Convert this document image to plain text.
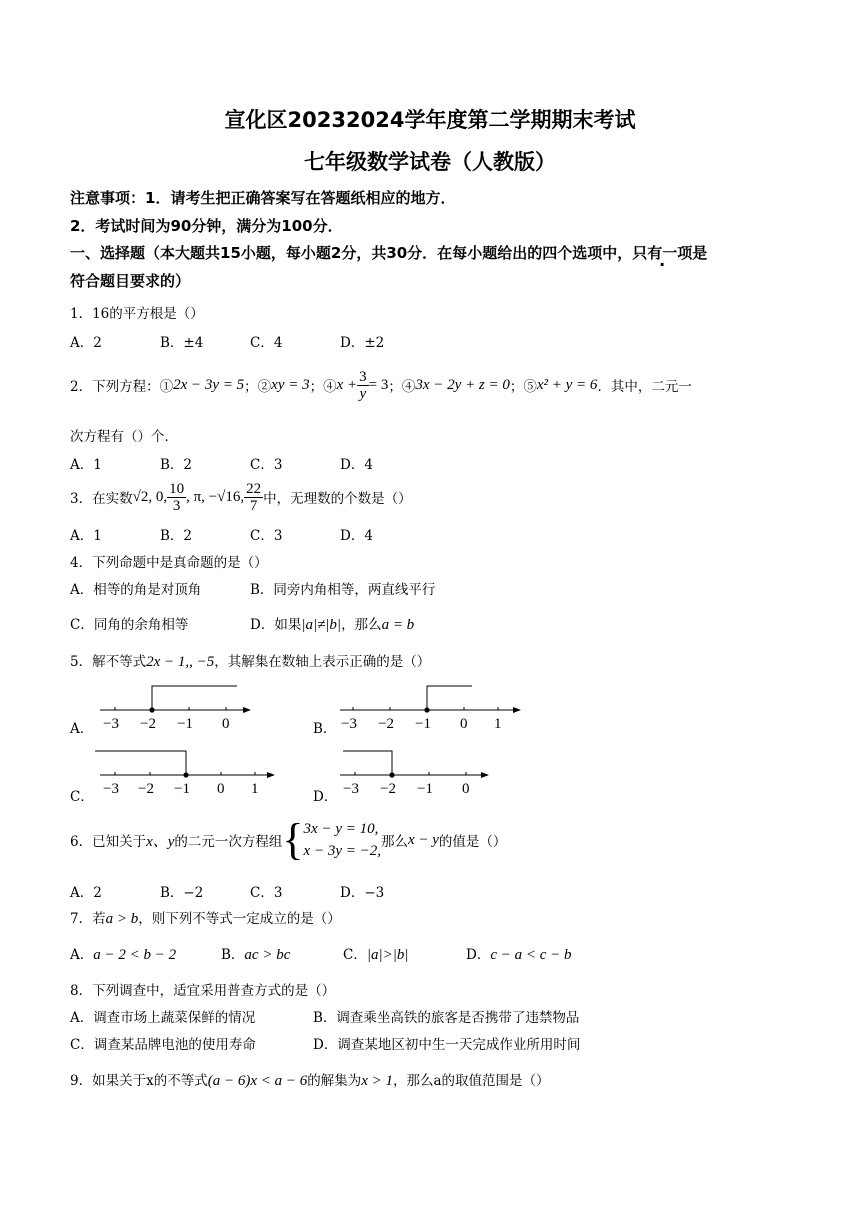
宣化区20232024学年度第二学期期末考试
七年级数学试卷（人教版）
注意事项：1．请考生把正确答案写在答题纸相应的地方．
2．考试时间为90分钟，满分为100分．
一、选择题（本大题共15小题，每小题2分，共30分．在每小题给出的四个选项中，只有一项是
符合题目要求的）
1．16的平方根是（）
A．2	B．±4	C．4	D．±2
2．下列方程：① 2x − 3y = 5 ；② xy = 3 ；④ $x + \frac{3}{y} = 3$ ；④ 3x − 2y + z = 0 ；⑤ x² + y = 6 ．其中，二元一
次方程有（）个．
A．1	B．2	C．3	D．4
3．在实数 √2, 0, $\frac{10}{3}$ , π, −√16, $\frac{22}{7}$ 中，无理数的个数是（）
A．1	B．2	C．3	D．4
4．下列命题中是真命题的是（）
A．相等的角是对顶角	B．同旁内角相等，两直线平行
C．同角的余角相等	D．如果|a|≠|b|，那么a = b
5．解不等式2x − 1,, −5，其解集在数轴上表示正确的是（）
A．	B．
C．	D．
−3 −2 −1 0	−3 −2 −1 0 1
−3 −2 −1 0 1	−3 −2 −1 0
6．已知关于 x、y 的二元一次方程组 { 3x − y = 10,
x − 3y = −2,
那么 x − y 的值是（）
A．2	B．−2	C．3	D．−3
7．若a > b，则下列不等式一定成立的是（）
A．a − 2 < b − 2	B．ac > bc	C．|a|>|b|	D．c − a < c − b
8．下列调查中，适宜采用普查方式的是（）
A．调查市场上蔬菜保鲜的情况	B．调查乘坐高铁的旅客是否携带了违禁物品
C．调查某品牌电池的使用寿命	D．调查某地区初中生一天完成作业所用时间
9．如果关于x的不等式(a − 6)x < a − 6的解集为x > 1，那么a的取值范围是（）
